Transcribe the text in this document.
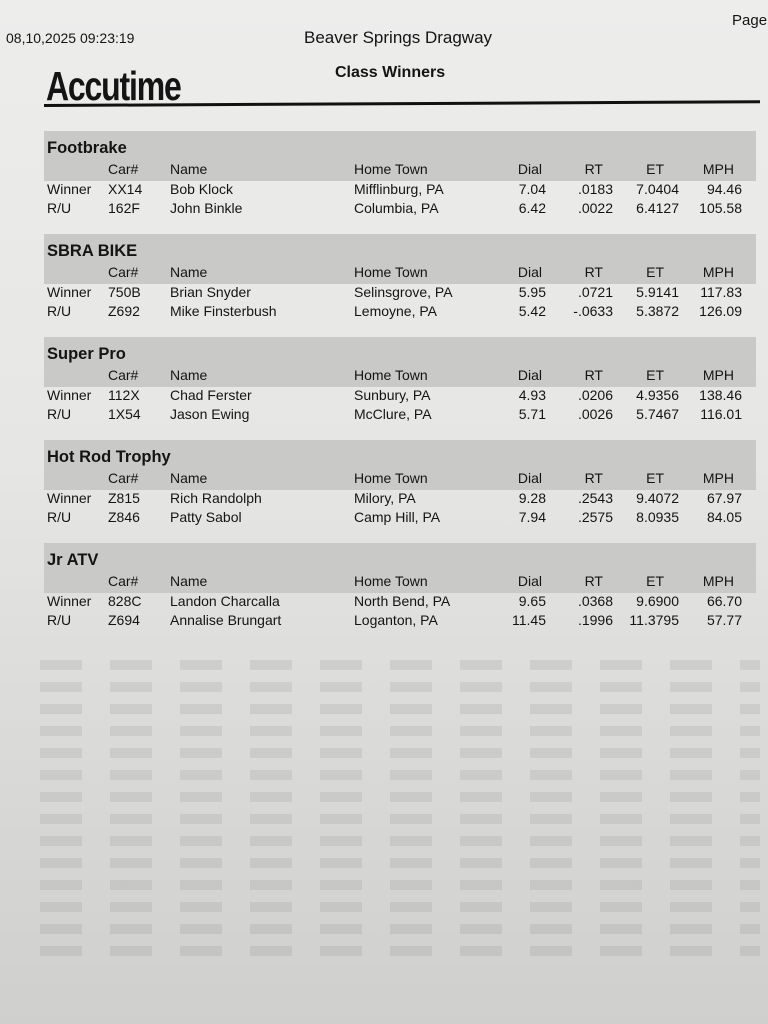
08,10,2025 09:23:19	Beaver Springs Dragway
Page
Class Winners
Accutime
Footbrake
Car# Name	Home Town	Dial	RT	ET	MPH
Winner XX14 Bob Klock	Mifflinburg, PA	7.04 .0183 7.0404 94.46
R/U	162F John Binkle	Columbia, PA	6.42 .0022 6.4127 105.58
SBRA BIKE
Car# Name	Home Town	Dial	RT	ET	MPH
Winner 750B Brian Snyder	Selinsgrove, PA	5.95 .0721 5.9141 117.83
R/U	Z692 Mike Finsterbush	Lemoyne, PA	5.42 -.0633 5.3872 126.09
Super Pro
Car# Name	Home Town	Dial	RT	ET	MPH
Winner 112X Chad Ferster	Sunbury, PA	4.93 .0206 4.9356 138.46
R/U	1X54 Jason Ewing	McClure, PA	5.71 .0026 5.7467 116.01
Hot Rod Trophy
Car# Name	Home Town	Dial	RT	ET	MPH
Winner Z815 Rich Randolph	Milory, PA	9.28 .2543 9.4072 67.97
R/U	Z846 Patty Sabol	Camp Hill, PA	7.94 .2575 8.0935 84.05
Jr ATV
Car# Name	Home Town	Dial	RT	ET	MPH
Winner 828C Landon Charcalla	North Bend, PA	9.65 .0368 9.6900 66.70
R/U	Z694 Annalise Brungart	Loganton, PA	11.45 .1996 11.3795 57.77
